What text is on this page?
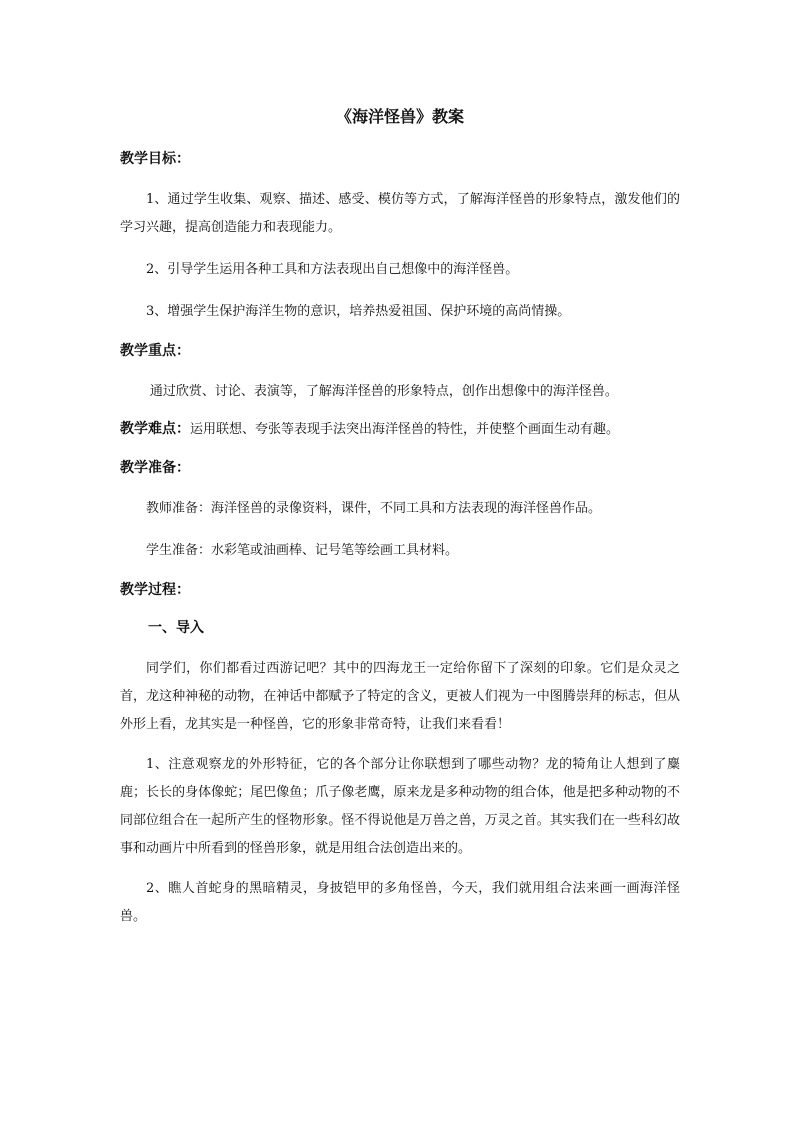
《海洋怪兽》教案
教学目标：

1、通过学生收集、观察、描述、感受、模仿等方式，了解海洋怪兽的形象特点，激发他们的学习兴趣，提高创造能力和表现能力。

2、引导学生运用各种工具和方法表现出自己想像中的海洋怪兽。

3、增强学生保护海洋生物的意识，培养热爱祖国、保护环境的高尚情操。

教学重点：

通过欣赏、讨论、表演等，了解海洋怪兽的形象特点，创作出想像中的海洋怪兽。

教学难点：运用联想、夸张等表现手法突出海洋怪兽的特性，并使整个画面生动有趣。
教学准备：

教师准备：海洋怪兽的录像资料，课件，不同工具和方法表现的海洋怪兽作品。

学生准备：水彩笔或油画棒、记号笔等绘画工具材料。

教学过程：
一、导入

同学们，你们都看过西游记吧？其中的四海龙王一定给你留下了深刻的印象。它们是众灵之首，龙这种神秘的动物，在神话中都赋予了特定的含义，更被人们视为一中图腾崇拜的标志，但从外形上看，龙其实是一种怪兽，它的形象非常奇特，让我们来看看！

1、注意观察龙的外形特征，它的各个部分让你联想到了哪些动物？龙的犄角让人想到了麋鹿；长长的身体像蛇；尾巴像鱼；爪子像老鹰，原来龙是多种动物的组合体，他是把多种动物的不同部位组合在一起所产生的怪物形象。怪不得说他是万兽之兽，万灵之首。其实我们在一些科幻故事和动画片中所看到的怪兽形象，就是用组合法创造出来的。

2、瞧人首蛇身的黑暗精灵，身披铠甲的多角怪兽，今天，我们就用组合法来画一画海洋怪兽。
